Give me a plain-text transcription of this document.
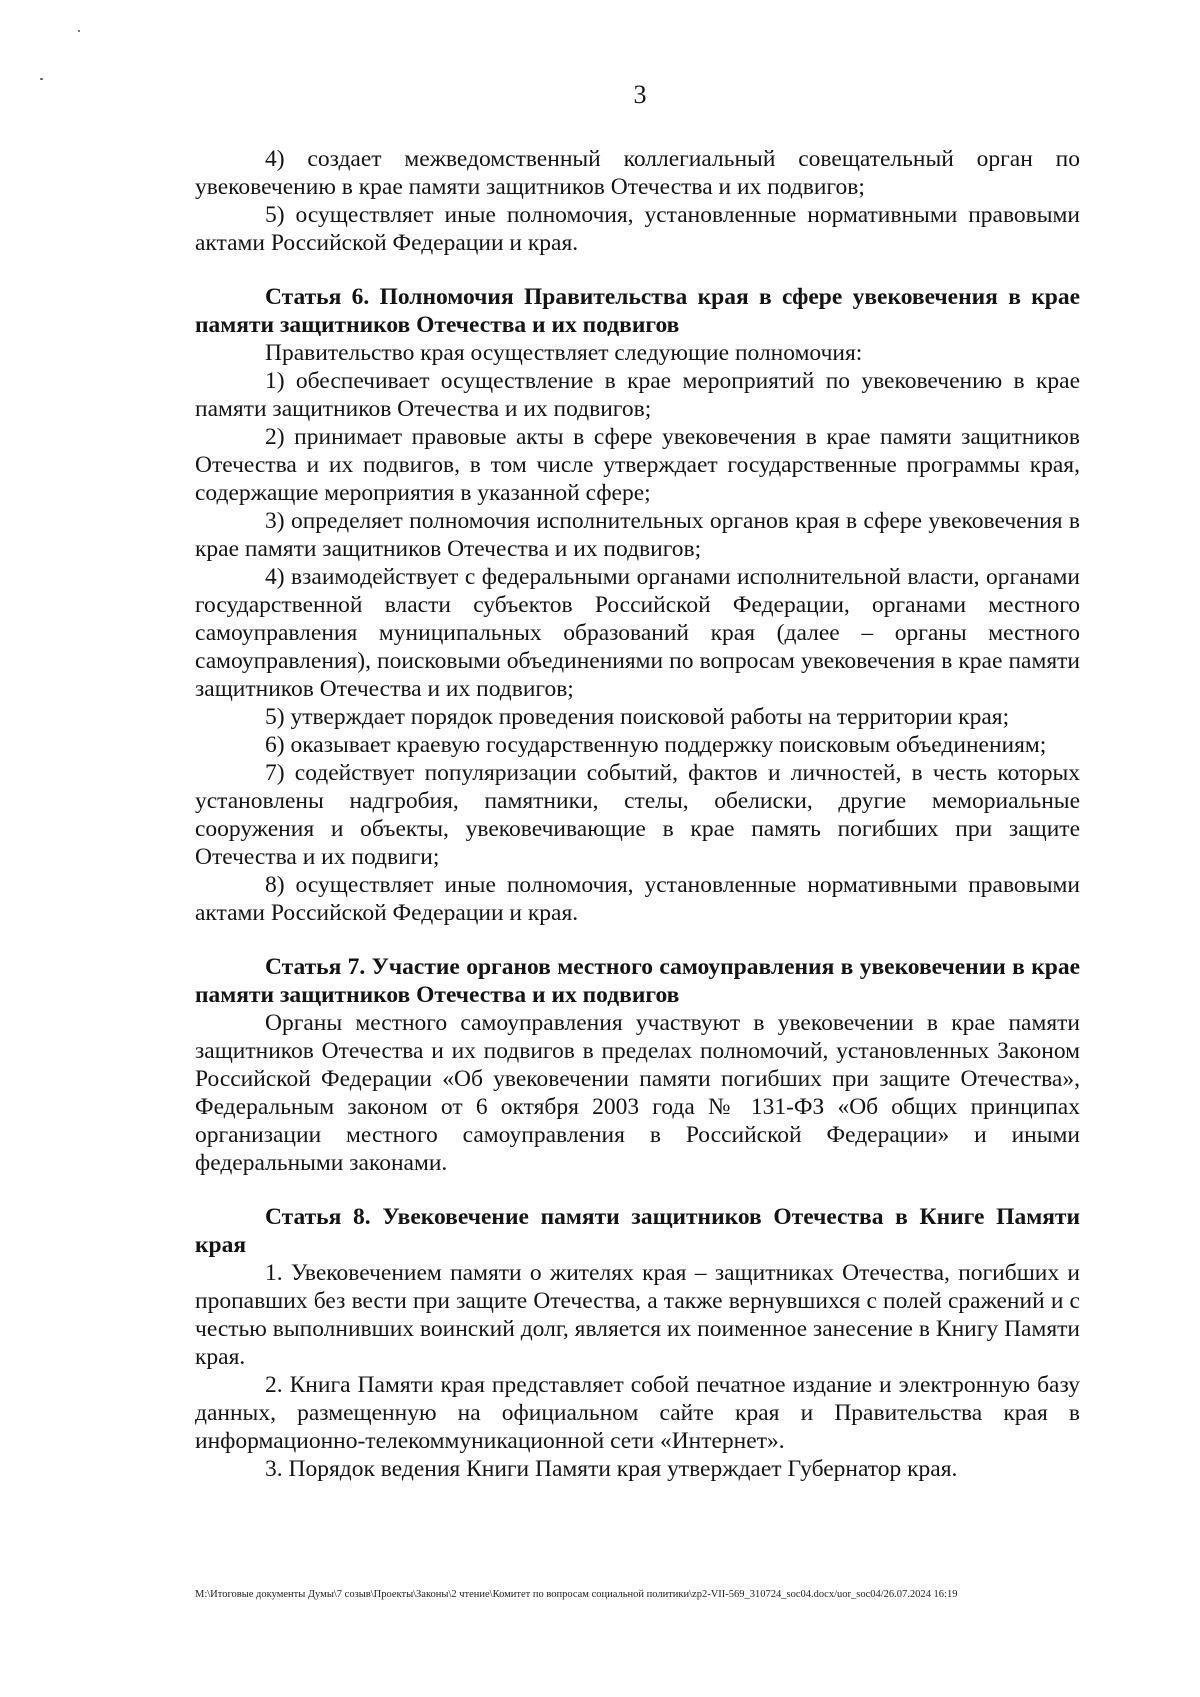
3

4) создает межведомственный коллегиальный совещательный орган по увековечению в крае памяти защитников Отечества и их подвигов;

5) осуществляет иные полномочия, установленные нормативными правовыми актами Российской Федерации и края.

Статья 6. Полномочия Правительства края в сфере увековечения в крае памяти защитников Отечества и их подвигов

Правительство края осуществляет следующие полномочия:

1) обеспечивает осуществление в крае мероприятий по увековечению в крае памяти защитников Отечества и их подвигов;

2) принимает правовые акты в сфере увековечения в крае памяти защитников Отечества и их подвигов, в том числе утверждает государственные программы края, содержащие мероприятия в указанной сфере;

3) определяет полномочия исполнительных органов края в сфере увековечения в крае памяти защитников Отечества и их подвигов;

4) взаимодействует с федеральными органами исполнительной власти, органами государственной власти субъектов Российской Федерации, органами местного самоуправления муниципальных образований края (далее – органы местного самоуправления), поисковыми объединениями по вопросам увековечения в крае памяти защитников Отечества и их подвигов;

5) утверждает порядок проведения поисковой работы на территории края;

6) оказывает краевую государственную поддержку поисковым объединениям;

7) содействует популяризации событий, фактов и личностей, в честь которых установлены надгробия, памятники, стелы, обелиски, другие мемориальные сооружения и объекты, увековечивающие в крае память погибших при защите Отечества и их подвиги;

8) осуществляет иные полномочия, установленные нормативными правовыми актами Российской Федерации и края.

Статья 7. Участие органов местного самоуправления в увековечении в крае памяти защитников Отечества и их подвигов

Органы местного самоуправления участвуют в увековечении в крае памяти защитников Отечества и их подвигов в пределах полномочий, установленных Законом Российской Федерации «Об увековечении памяти погибших при защите Отечества», Федеральным законом от 6 октября 2003 года № 131-ФЗ «Об общих принципах организации местного самоуправления в Российской Федерации» и иными федеральными законами.

Статья 8. Увековечение памяти защитников Отечества в Книге Памяти края

1. Увековечением памяти о жителях края – защитниках Отечества, погибших и пропавших без вести при защите Отечества, а также вернувшихся с полей сражений и с честью выполнивших воинский долг, является их поименное занесение в Книгу Памяти края.

2. Книга Памяти края представляет собой печатное издание и электронную базу данных, размещенную на официальном сайте края и Правительства края в информационно-телекоммуникационной сети «Интернет».

3. Порядок ведения Книги Памяти края утверждает Губернатор края.

M:\Итоговые документы Думы\7 созыв\Проекты\Законы\2 чтение\Комитет по вопросам социальной политики\zp2-VII-569_310724_soc04.docx/uor_soc04/26.07.2024 16:19
